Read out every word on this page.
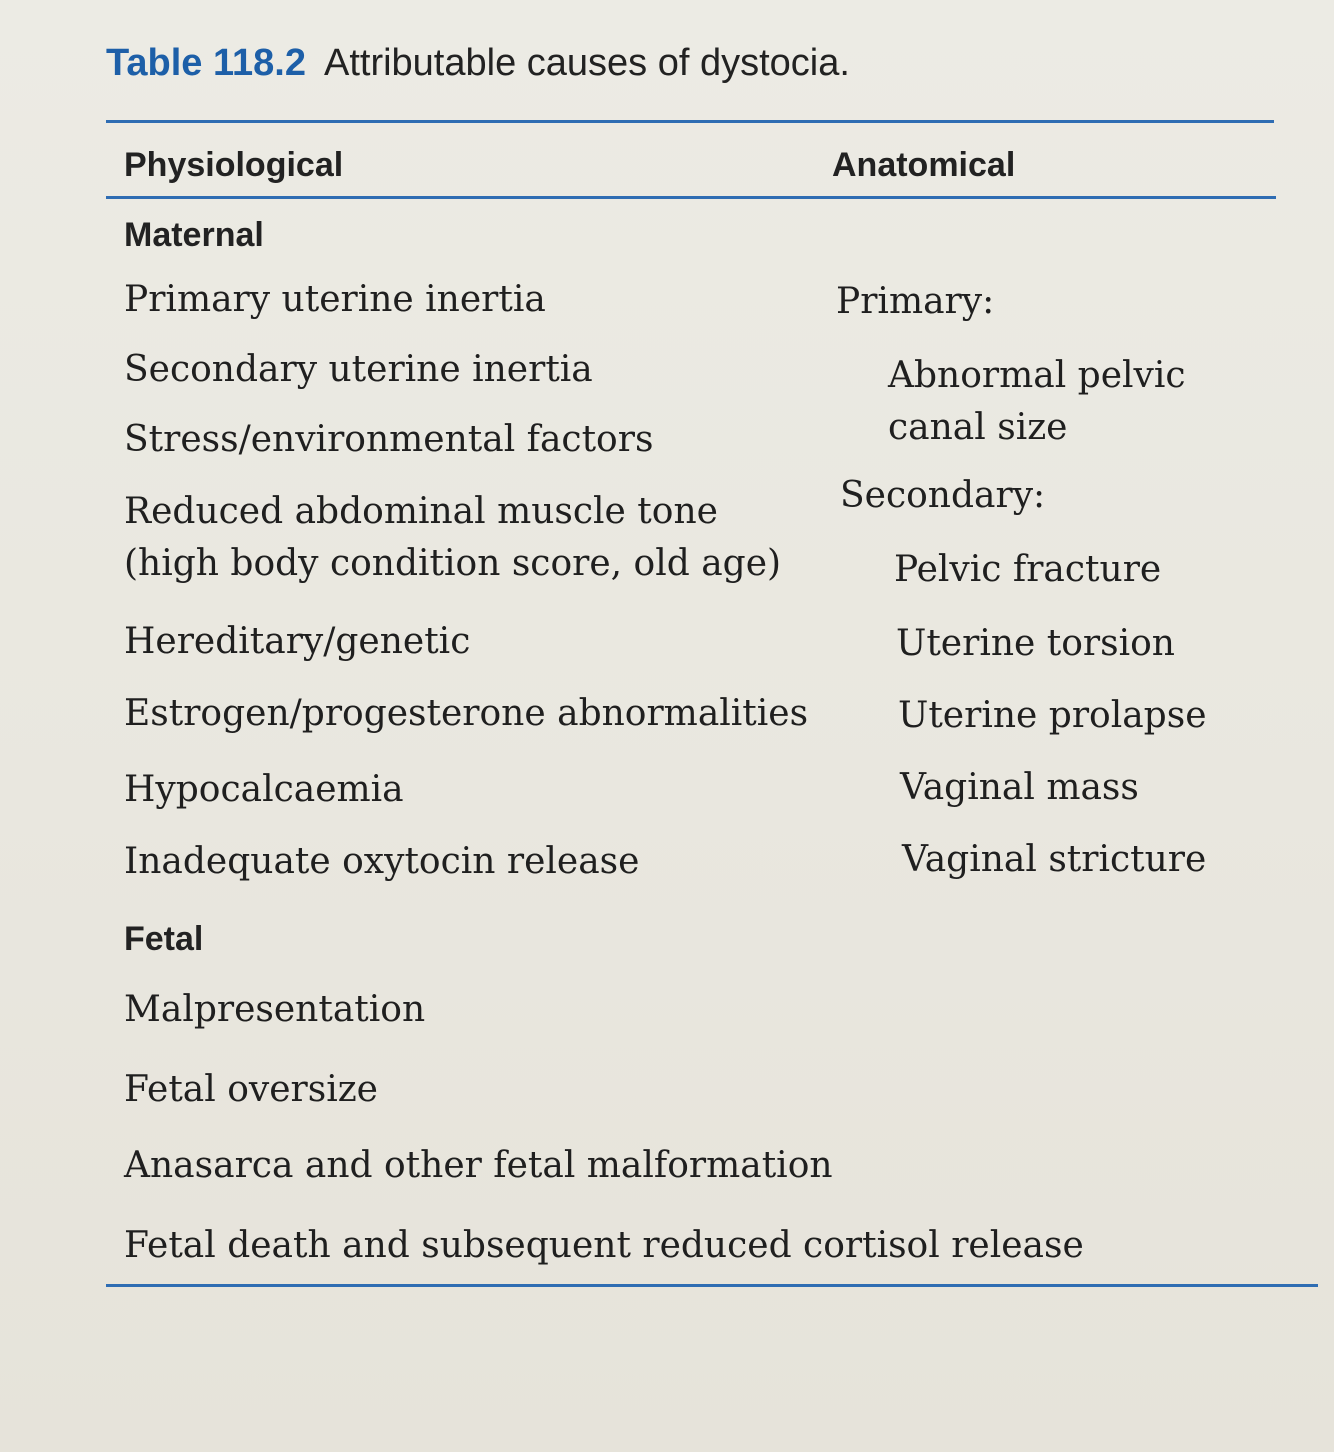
Table 118.2 Attributable causes of dystocia.
Physiological	Anatomical
Maternal
Primary uterine inertia
Secondary uterine inertia
Stress/environmental factors
Reduced abdominal muscle tone
(high body condition score, old age)
Hereditary/genetic
Estrogen/progesterone abnormalities
Hypocalcaemia
Inadequate oxytocin release
Fetal
Malpresentation
Fetal oversize
Anasarca and other fetal malformation
Fetal death and subsequent reduced cortisol release
Primary:
Abnormal pelvic
canal size
Secondary:
Pelvic fracture
Uterine torsion
Uterine prolapse
Vaginal mass
Vaginal stricture
